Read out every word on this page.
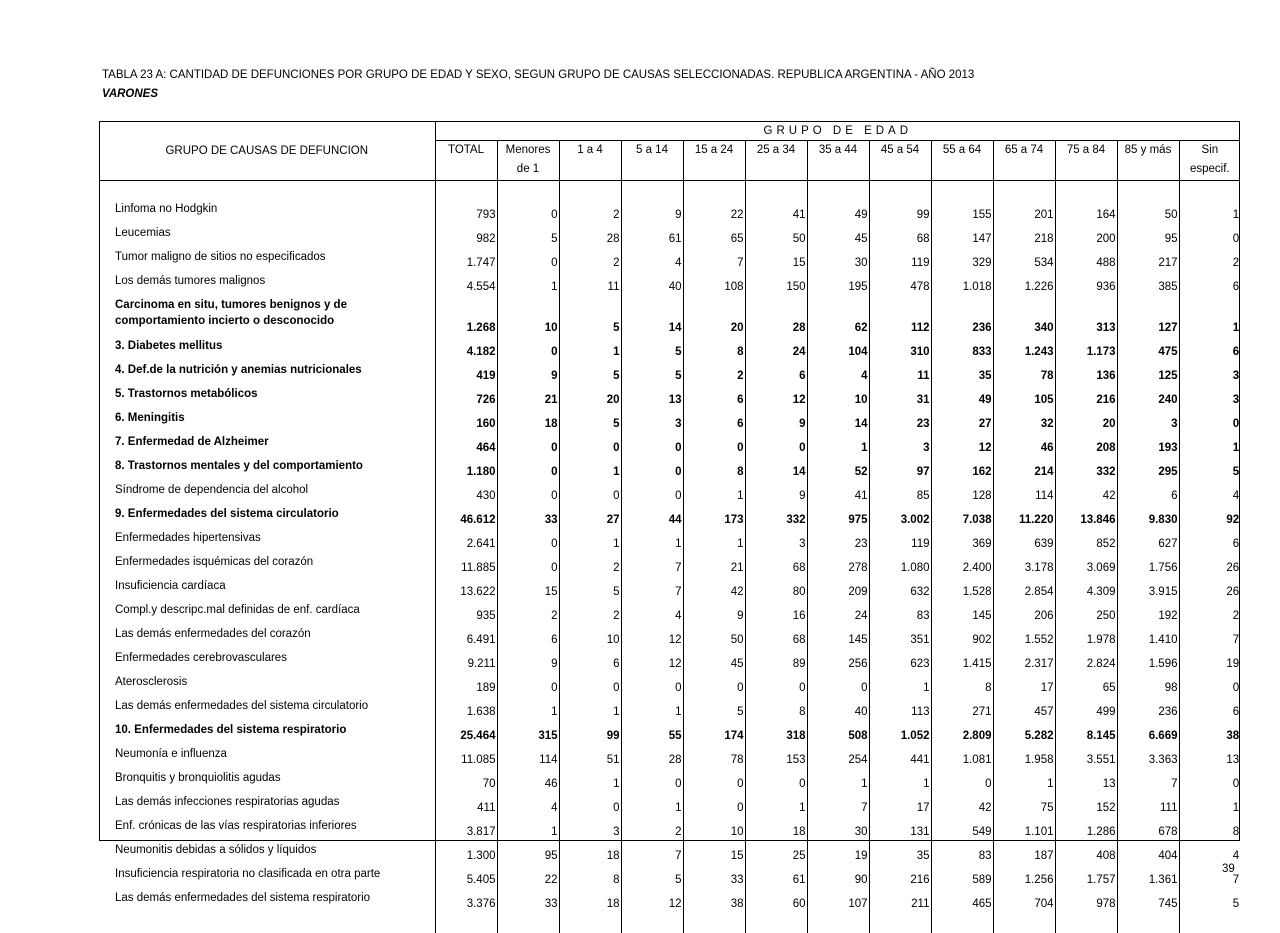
TABLA 23 A: CANTIDAD DE DEFUNCIONES POR GRUPO DE EDAD Y SEXO, SEGUN GRUPO DE CAUSAS SELECCIONADAS. REPUBLICA ARGENTINA - AÑO 2013
VARONES
GRUPO DE CAUSAS DE DEFUNCION	GRUPO DE EDAD												
	TOTAL	Menores	1 a 4	5 a 14	15 a 24	25 a 34	35 a 44	45 a 54	55 a 64	65 a 74	75 a 84	85 y más	Sin
		de 1											especif.

Linfoma no Hodgkin	793	0	2	9	22	41	49	99	155	201	164	50	1
Leucemias	982	5	28	61	65	50	45	68	147	218	200	95	0
Tumor maligno de sitios no especificados	1.747	0	2	4	7	15	30	119	329	534	488	217	2
Los demás tumores malignos	4.554	1	11	40	108	150	195	478	1.018	1.226	936	385	6
Carcinoma en situ, tumores benignos y de
comportamiento incierto o desconocido	1.268	10	5	14	20	28	62	112	236	340	313	127	1
3. Diabetes mellitus	4.182	0	1	5	8	24	104	310	833	1.243	1.173	475	6
4. Def.de la nutrición y anemias nutricionales	419	9	5	5	2	6	4	11	35	78	136	125	3
5. Trastornos metabólicos	726	21	20	13	6	12	10	31	49	105	216	240	3
6. Meningitis	160	18	5	3	6	9	14	23	27	32	20	3	0
7. Enfermedad de Alzheimer	464	0	0	0	0	0	1	3	12	46	208	193	1
8. Trastornos mentales y del comportamiento	1.180	0	1	0	8	14	52	97	162	214	332	295	5
Síndrome de dependencia del alcohol	430	0	0	0	1	9	41	85	128	114	42	6	4
9. Enfermedades del sistema circulatorio	46.612	33	27	44	173	332	975	3.002	7.038	11.220	13.846	9.830	92
Enfermedades hipertensivas	2.641	0	1	1	1	3	23	119	369	639	852	627	6
Enfermedades isquémicas del corazón	11.885	0	2	7	21	68	278	1.080	2.400	3.178	3.069	1.756	26
Insuficiencia cardíaca	13.622	15	5	7	42	80	209	632	1.528	2.854	4.309	3.915	26
Compl.y descripc.mal definidas de enf. cardíaca	935	2	2	4	9	16	24	83	145	206	250	192	2
Las demás enfermedades del corazón	6.491	6	10	12	50	68	145	351	902	1.552	1.978	1.410	7
Enfermedades cerebrovasculares	9.211	9	6	12	45	89	256	623	1.415	2.317	2.824	1.596	19
Aterosclerosis	189	0	0	0	0	0	0	1	8	17	65	98	0
Las demás enfermedades del sistema circulatorio	1.638	1	1	1	5	8	40	113	271	457	499	236	6
10. Enfermedades del sistema respiratorio	25.464	315	99	55	174	318	508	1.052	2.809	5.282	8.145	6.669	38
Neumonía e influenza	11.085	114	51	28	78	153	254	441	1.081	1.958	3.551	3.363	13
Bronquitis y bronquiolitis agudas	70	46	1	0	0	0	1	1	0	1	13	7	0
Las demás infecciones respiratorias agudas	411	4	0	1	0	1	7	17	42	75	152	111	1
Enf. crónicas de las vías respiratorias inferiores	3.817	1	3	2	10	18	30	131	549	1.101	1.286	678	8
Neumonitis debidas a sólidos y líquidos	1.300	95	18	7	15	25	19	35	83	187	408	404	4
Insuficiencia respiratoria no clasificada en otra parte	5.405	22	8	5	33	61	90	216	589	1.256	1.757	1.361	7
Las demás enfermedades del sistema respiratorio	3.376	33	18	12	38	60	107	211	465	704	978	745	5

39
